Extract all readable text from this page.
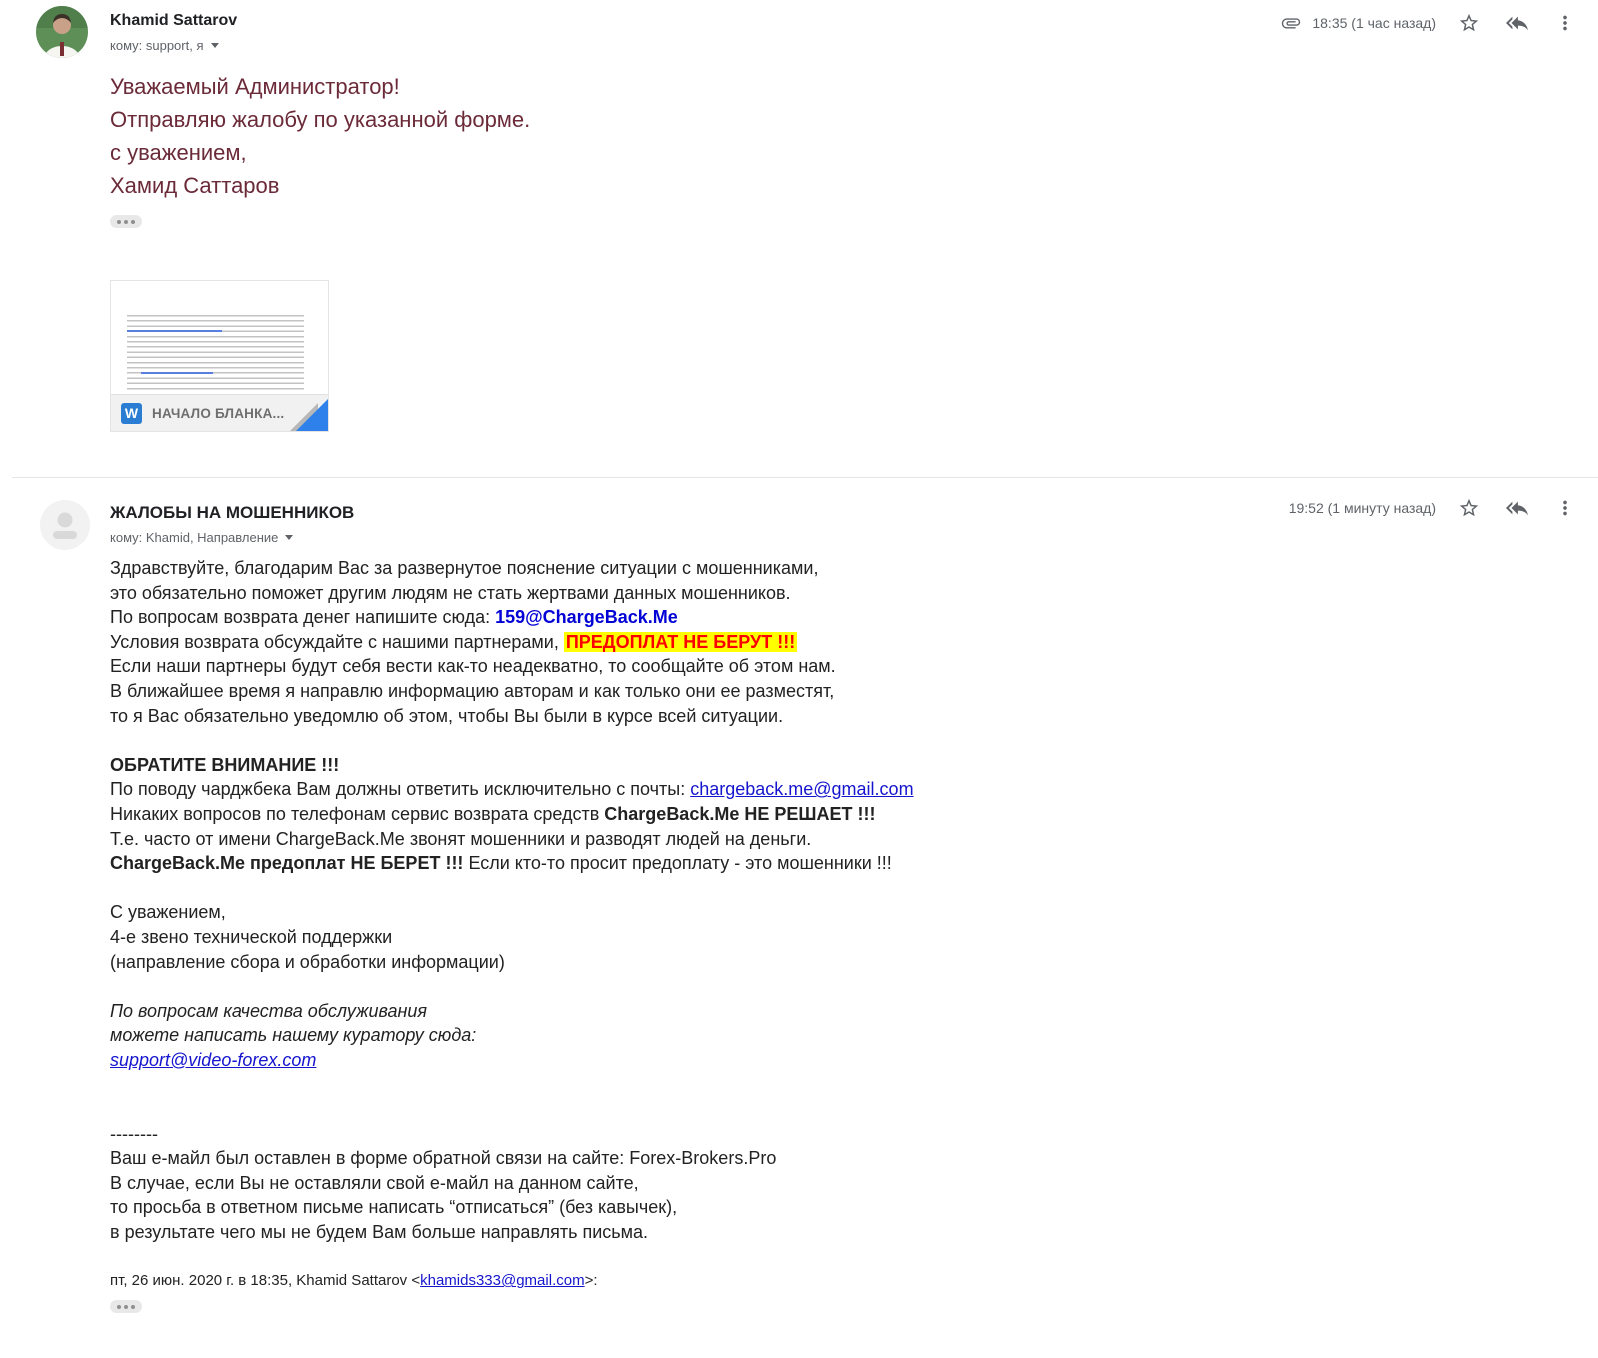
Khamid Sattarov
кому: support, я
18:35 (1 час назад)
Уважаемый Администратор!
Отправляю жалобу по указанной форме.
с уважением,
Хамид Саттаров
W НАЧАЛО БЛАНКА...
ЖАЛОБЫ НА МОШЕННИКОВ
кому: Khamid, Направление
19:52 (1 минуту назад)
Здравствуйте, благодарим Вас за развернутое пояснение ситуации с мошенниками,
это обязательно поможет другим людям не стать жертвами данных мошенников.
По вопросам возврата денег напишите сюда: 159@ChargeBack.Me
Условия возврата обсуждайте с нашими партнерами, ПРЕДОПЛАТ НЕ БЕРУТ !!!
Если наши партнеры будут себя вести как-то неадекватно, то сообщайте об этом нам.
В ближайшее время я направлю информацию авторам и как только они ее разместят,
то я Вас обязательно уведомлю об этом, чтобы Вы были в курсе всей ситуации.

ОБРАТИТЕ ВНИМАНИЕ !!!
По поводу чарджбека Вам должны ответить исключительно с почты: chargeback.me@gmail.com
Никаких вопросов по телефонам сервис возврата средств ChargeBack.Me НЕ РЕШАЕТ !!!
Т.е. часто от имени ChargeBack.Me звонят мошенники и разводят людей на деньги.
ChargeBack.Me предоплат НЕ БЕРЕТ !!! Если кто-то просит предоплату - это мошенники !!!

С уважением,
4-е звено технической поддержки
(направление сбора и обработки информации)

По вопросам качества обслуживания
можете написать нашему куратору сюда:
support@video-forex.com

--------
Ваш е-майл был оставлен в форме обратной связи на сайте: Forex-Brokers.Pro
В случае, если Вы не оставляли свой е-майл на данном сайте,
то просьба в ответном письме написать “отписаться” (без кавычек),
в результате чего мы не будем Вам больше направлять письма.

пт, 26 июн. 2020 г. в 18:35, Khamid Sattarov <khamids333@gmail.com>:
